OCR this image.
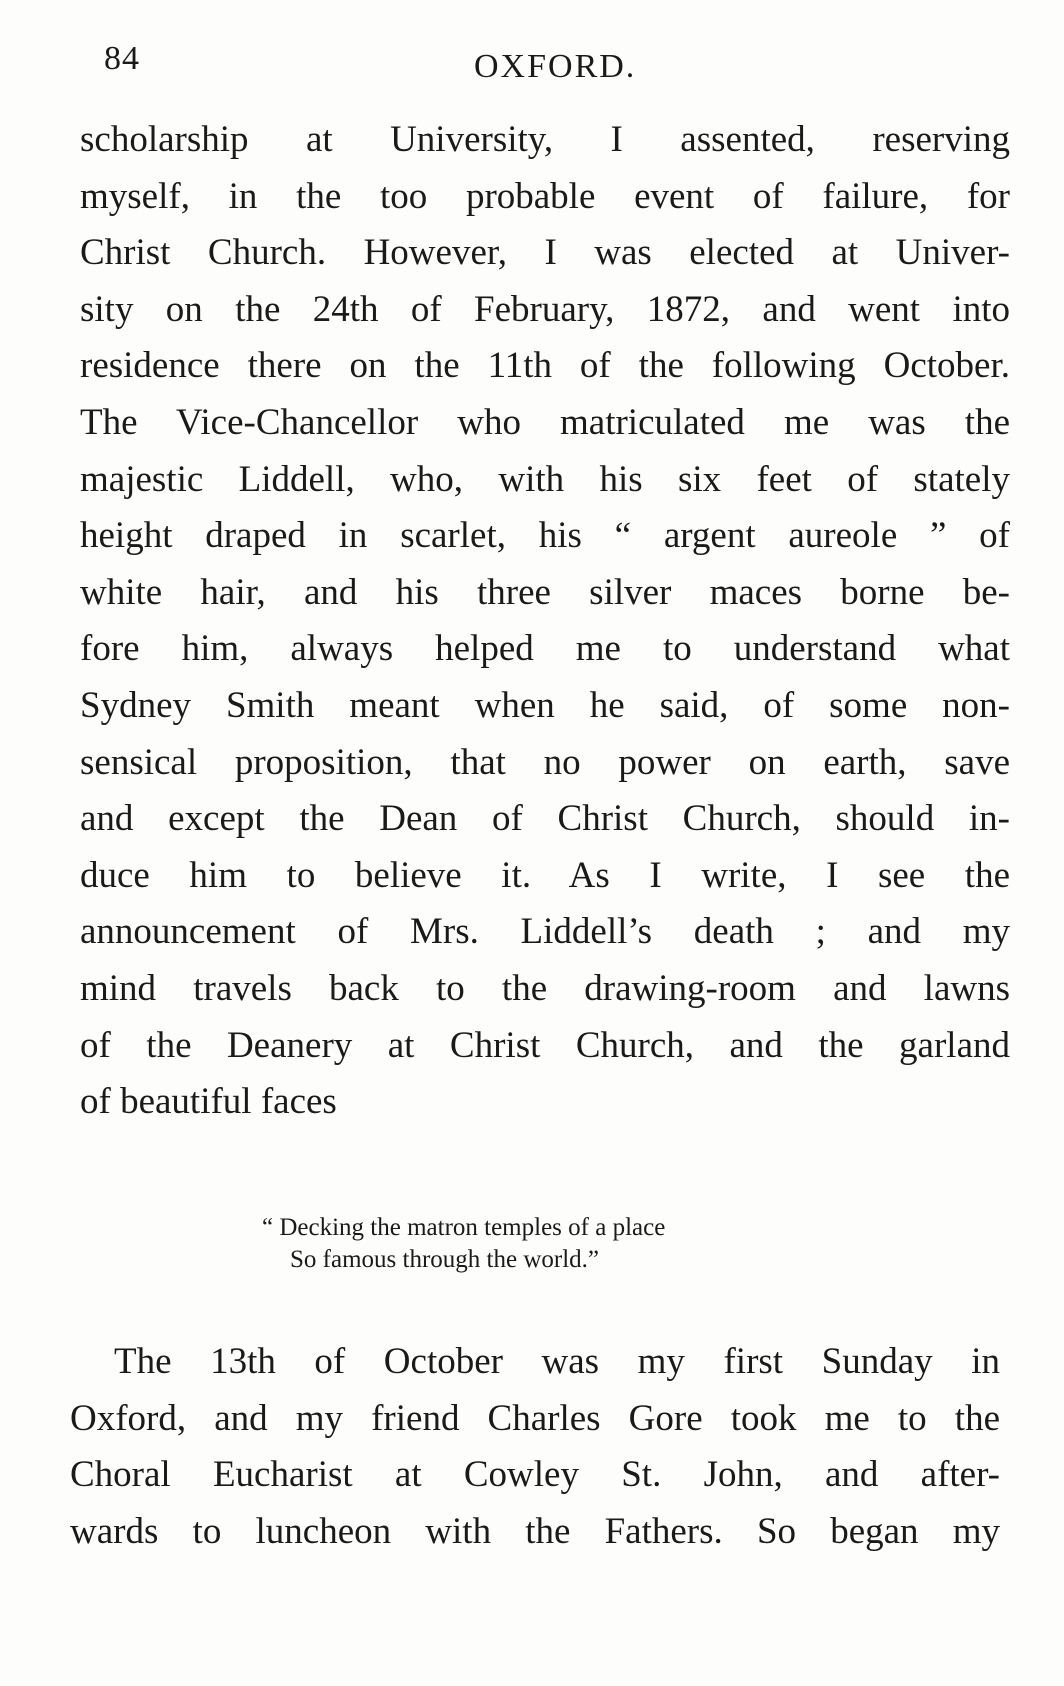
84	OXFORD.
scholarship at University, I assented, reserving
myself, in the too probable event of failure, for
Christ Church. However, I was elected at Univer-
sity on the 24th of February, 1872, and went into
residence there on the 11th of the following October.
The Vice-Chancellor who matriculated me was the
majestic Liddell, who, with his six feet of stately
height draped in scarlet, his “ argent aureole ” of
white hair, and his three silver maces borne be-
fore him, always helped me to understand what
Sydney Smith meant when he said, of some non-
sensical proposition, that no power on earth, save
and except the Dean of Christ Church, should in-
duce him to believe it. As I write, I see the
announcement of Mrs. Liddell’s death ; and my
mind travels back to the drawing-room and lawns
of the Deanery at Christ Church, and the garland
of beautiful faces
“ Decking the matron temples of a place
So famous through the world.”
The 13th of October was my first Sunday in
Oxford, and my friend Charles Gore took me to the
Choral Eucharist at Cowley St. John, and after-
wards to luncheon with the Fathers. So began my
